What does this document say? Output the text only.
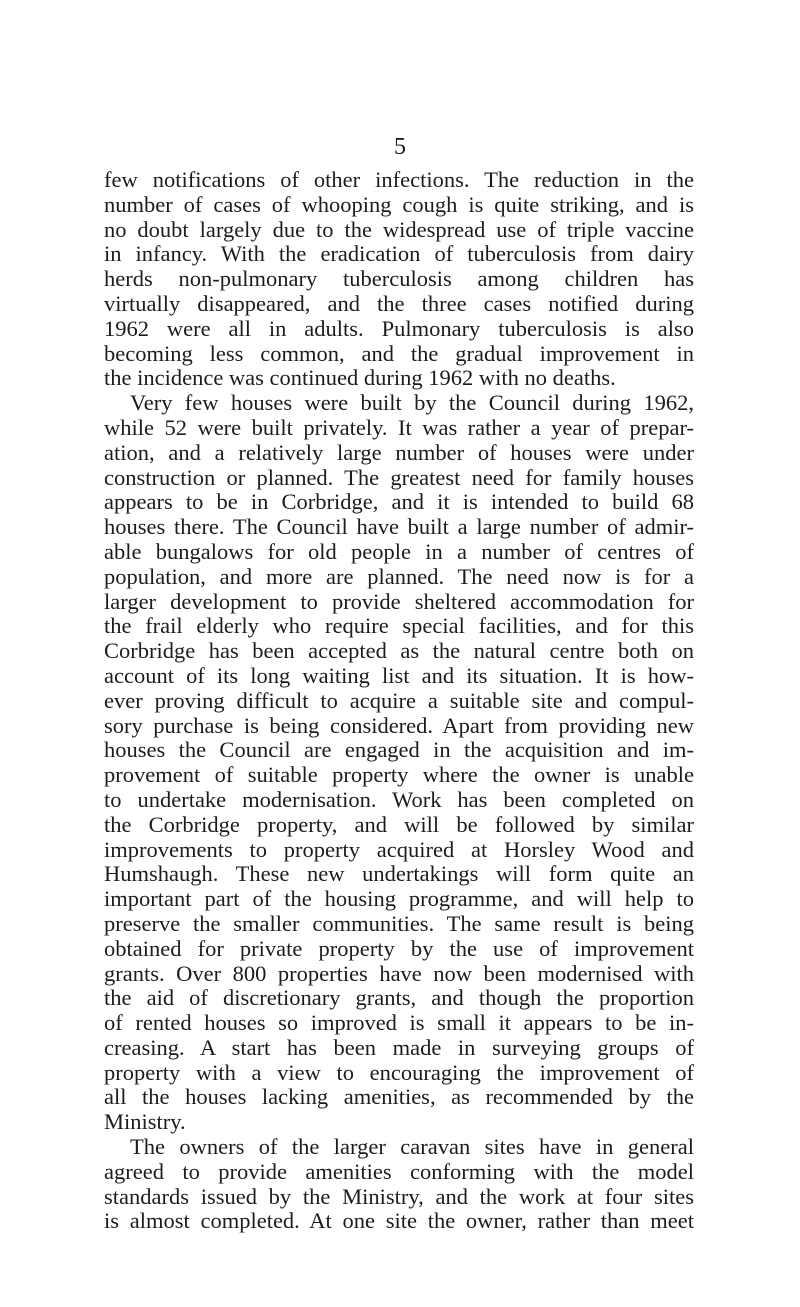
5
few notifications of other infections. The reduction in the
number of cases of whooping cough is quite striking, and is
no doubt largely due to the widespread use of triple vaccine
in infancy. With the eradication of tuberculosis from dairy
herds non-pulmonary tuberculosis among children has
virtually disappeared, and the three cases notified during
1962 were all in adults. Pulmonary tuberculosis is also
becoming less common, and the gradual improvement in
the incidence was continued during 1962 with no deaths.
Very few houses were built by the Council during 1962,
while 52 were built privately. It was rather a year of prepar-
ation, and a relatively large number of houses were under
construction or planned. The greatest need for family houses
appears to be in Corbridge, and it is intended to build 68
houses there. The Council have built a large number of admir-
able bungalows for old people in a number of centres of
population, and more are planned. The need now is for a
larger development to provide sheltered accommodation for
the frail elderly who require special facilities, and for this
Corbridge has been accepted as the natural centre both on
account of its long waiting list and its situation. It is how-
ever proving difficult to acquire a suitable site and compul-
sory purchase is being considered. Apart from providing new
houses the Council are engaged in the acquisition and im-
provement of suitable property where the owner is unable
to undertake modernisation. Work has been completed on
the Corbridge property, and will be followed by similar
improvements to property acquired at Horsley Wood and
Humshaugh. These new undertakings will form quite an
important part of the housing programme, and will help to
preserve the smaller communities. The same result is being
obtained for private property by the use of improvement
grants. Over 800 properties have now been modernised with
the aid of discretionary grants, and though the proportion
of rented houses so improved is small it appears to be in-
creasing. A start has been made in surveying groups of
property with a view to encouraging the improvement of
all the houses lacking amenities, as recommended by the
Ministry.
The owners of the larger caravan sites have in general
agreed to provide amenities conforming with the model
standards issued by the Ministry, and the work at four sites
is almost completed. At one site the owner, rather than meet
